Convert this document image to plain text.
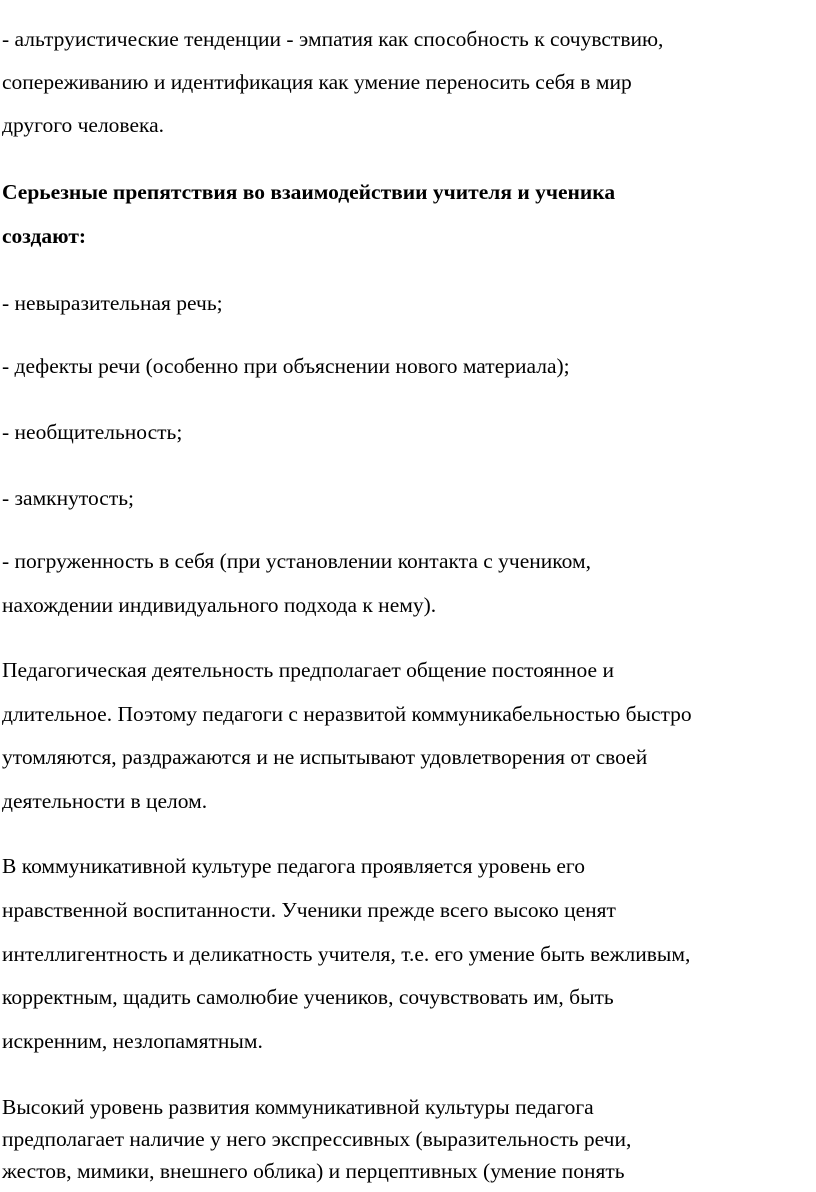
- альтруистические тенденции - эмпатия как способность к сочувствию,
сопереживанию и идентификация как умение переносить себя в мир
другого человека.
Серьезные препятствия во взаимодействии учителя и ученика
создают:
- невыразительная речь;
- дефекты речи (особенно при объяснении нового материала);
- необщительность;
- замкнутость;
- погруженность в себя (при установлении контакта с учеником,
нахождении индивидуального подхода к нему).
Педагогическая деятельность предполагает общение постоянное и
длительное. Поэтому педагоги с неразвитой коммуникабельностью быстро
утомляются, раздражаются и не испытывают удовлетворения от своей
деятельности в целом.
В коммуникативной культуре педагога проявляется уровень его
нравственной воспитанности. Ученики прежде всего высоко ценят
интеллигентность и деликатность учителя, т.е. его умение быть вежливым,
корректным, щадить самолюбие учеников, сочувствовать им, быть
искренним, незлопамятным.
Высокий уровень развития коммуникативной культуры педагога
предполагает наличие у него экспрессивных (выразительность речи,
жестов, мимики, внешнего облика) и перцептивных (умение понять
